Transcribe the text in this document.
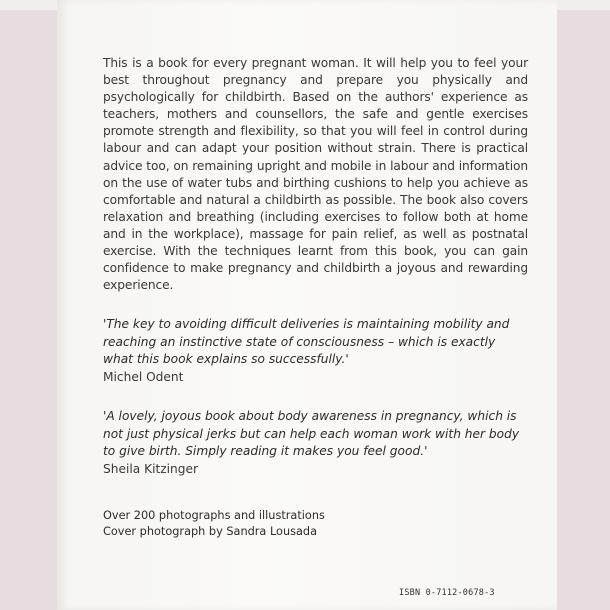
This is a book for every pregnant woman. It will help you to feel your best throughout pregnancy and prepare you physically and psychologically for childbirth. Based on the authors' experience as teachers, mothers and counsellors, the safe and gentle exercises promote strength and flexibility, so that you will feel in control during labour and can adapt your position without strain. There is practical advice too, on remaining upright and mobile in labour and information on the use of water tubs and birthing cushions to help you achieve as comfortable and natural a childbirth as possible. The book also covers relaxation and breathing (including exercises to follow both at home and in the workplace), massage for pain relief, as well as postnatal exercise. With the techniques learnt from this book, you can gain confidence to make pregnancy and childbirth a joyous and rewarding experience.

'The key to avoiding difficult deliveries is maintaining mobility and reaching an instinctive state of consciousness – which is exactly what this book explains so successfully.'

Michel Odent

'A lovely, joyous book about body awareness in pregnancy, which is not just physical jerks but can help each woman work with her body to give birth. Simply reading it makes you feel good.'

Sheila Kitzinger

Over 200 photographs and illustrations
Cover photograph by Sandra Lousada
ISBN 0-7112-0678-3
